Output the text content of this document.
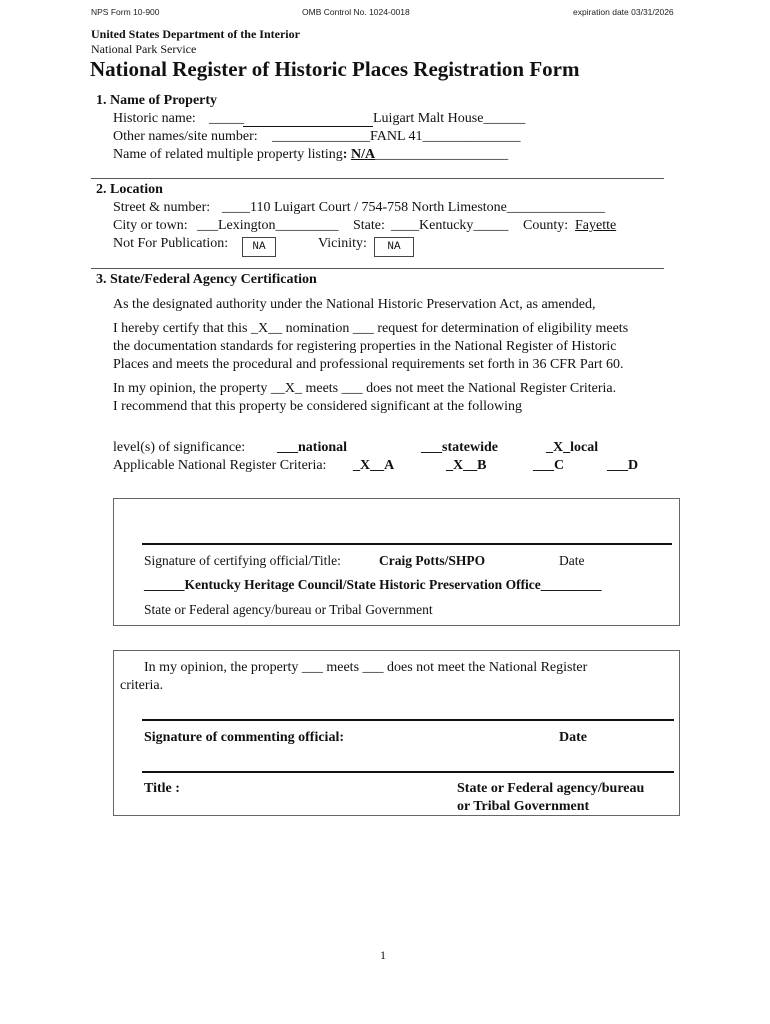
NPS Form 10-900	OMB Control No. 1024-0018	expiration date 03/31/2026
United States Department of the Interior
National Park Service
National Register of Historic Places Registration Form
1. Name of Property
Historic name: _____	Luigart Malt House______
Other names/site number: ______________ FANL 41______________
Name of related multiple property listing: N/A___________________
2. Location
Street & number: ____110 Luigart Court / 754-758 North Limestone______________
City or town: ___Lexington_________ State: ____Kentucky_____ County: Fayette
Not For Publication:	NA	Vicinity:	NA
3. State/Federal Agency Certification
As the designated authority under the National Historic Preservation Act, as amended,
I hereby certify that this _X__ nomination ___ request for determination of eligibility meets
the documentation standards for registering properties in the National Register of Historic
Places and meets the procedural and professional requirements set forth in 36 CFR Part 60.
In my opinion, the property __X_ meets ___ does not meet the National Register Criteria.
I recommend that this property be considered significant at the following
level(s) of significance: ___national	___statewide	_X_local
Applicable National Register Criteria: _X__A	_X__B	___C	___D
Signature of certifying official/Title:	Craig Potts/SHPO	Date
______Kentucky Heritage Council/State Historic Preservation Office_________
State or Federal agency/bureau or Tribal Government
In my opinion, the property ___ meets ___ does not meet the National Register
criteria.
Signature of commenting official:	Date
Title :	State or Federal agency/bureau
or Tribal Government
1
